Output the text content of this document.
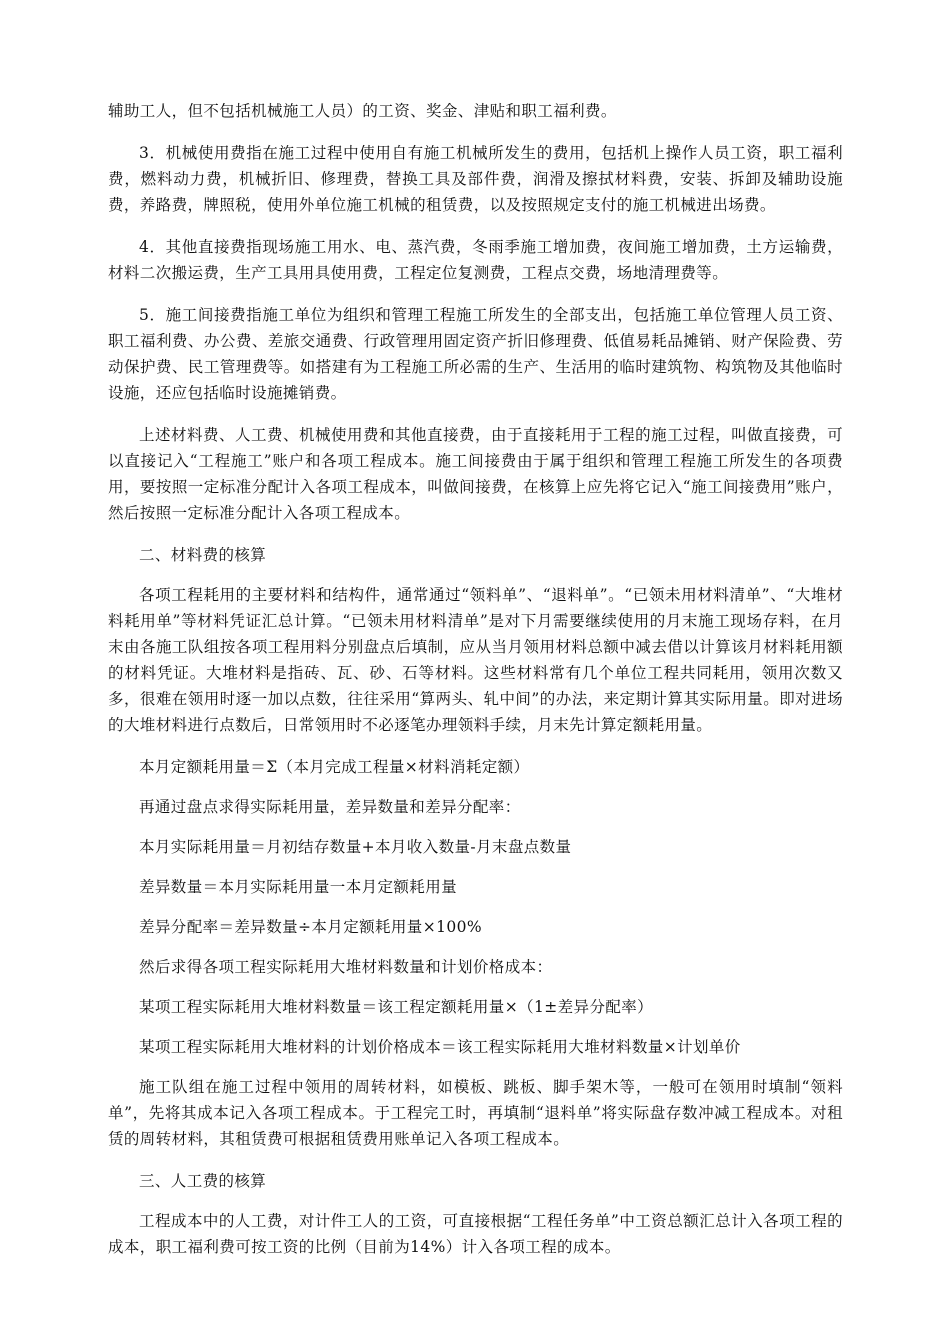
辅助工人，但不包括机械施工人员）的工资、奖金、津贴和职工福利费。

3．机械使用费指在施工过程中使用自有施工机械所发生的费用，包括机上操作人员工资，职工福利费，燃料动力费，机械折旧、修理费，替换工具及部件费，润滑及擦拭材料费，安装、拆卸及辅助设施费，养路费，牌照税，使用外单位施工机械的租赁费，以及按照规定支付的施工机械进出场费。

4．其他直接费指现场施工用水、电、蒸汽费，冬雨季施工增加费，夜间施工增加费，土方运输费，材料二次搬运费，生产工具用具使用费，工程定位复测费，工程点交费，场地清理费等。

5．施工间接费指施工单位为组织和管理工程施工所发生的全部支出，包括施工单位管理人员工资、职工福利费、办公费、差旅交通费、行政管理用固定资产折旧修理费、低值易耗品摊销、财产保险费、劳动保护费、民工管理费等。如搭建有为工程施工所必需的生产、生活用的临时建筑物、构筑物及其他临时设施，还应包括临时设施摊销费。

上述材料费、人工费、机械使用费和其他直接费，由于直接耗用于工程的施工过程，叫做直接费，可以直接记入“工程施工”账户和各项工程成本。施工间接费由于属于组织和管理工程施工所发生的各项费用，要按照一定标准分配计入各项工程成本，叫做间接费，在核算上应先将它记入“施工间接费用”账户，然后按照一定标准分配计入各项工程成本。

二、材料费的核算

各项工程耗用的主要材料和结构件，通常通过“领料单”、“退料单”。“已领未用材料清单”、“大堆材料耗用单”等材料凭证汇总计算。“已领未用材料清单”是对下月需要继续使用的月末施工现场存料，在月末由各施工队组按各项工程用料分别盘点后填制，应从当月领用材料总额中减去借以计算该月材料耗用额的材料凭证。大堆材料是指砖、瓦、砂、石等材料。这些材料常有几个单位工程共同耗用，领用次数又多，很难在领用时逐一加以点数，往往采用“算两头、轧中间”的办法，来定期计算其实际用量。即对进场的大堆材料进行点数后，日常领用时不必逐笔办理领料手续，月末先计算定额耗用量。

本月定额耗用量＝Σ（本月完成工程量×材料消耗定额）

再通过盘点求得实际耗用量，差异数量和差异分配率：

本月实际耗用量＝月初结存数量+本月收入数量-月末盘点数量

差异数量＝本月实际耗用量一本月定额耗用量

差异分配率＝差异数量÷本月定额耗用量×100%

然后求得各项工程实际耗用大堆材料数量和计划价格成本：

某项工程实际耗用大堆材料数量＝该工程定额耗用量×（1±差异分配率）

某项工程实际耗用大堆材料的计划价格成本＝该工程实际耗用大堆材料数量×计划单价

施工队组在施工过程中领用的周转材料，如模板、跳板、脚手架木等，一般可在领用时填制“领料单”，先将其成本记入各项工程成本。于工程完工时，再填制“退料单”将实际盘存数冲减工程成本。对租赁的周转材料，其租赁费可根据租赁费用账单记入各项工程成本。

三、人工费的核算

工程成本中的人工费，对计件工人的工资，可直接根据“工程任务单”中工资总额汇总计入各项工程的成本，职工福利费可按工资的比例（目前为14%）计入各项工程的成本。
